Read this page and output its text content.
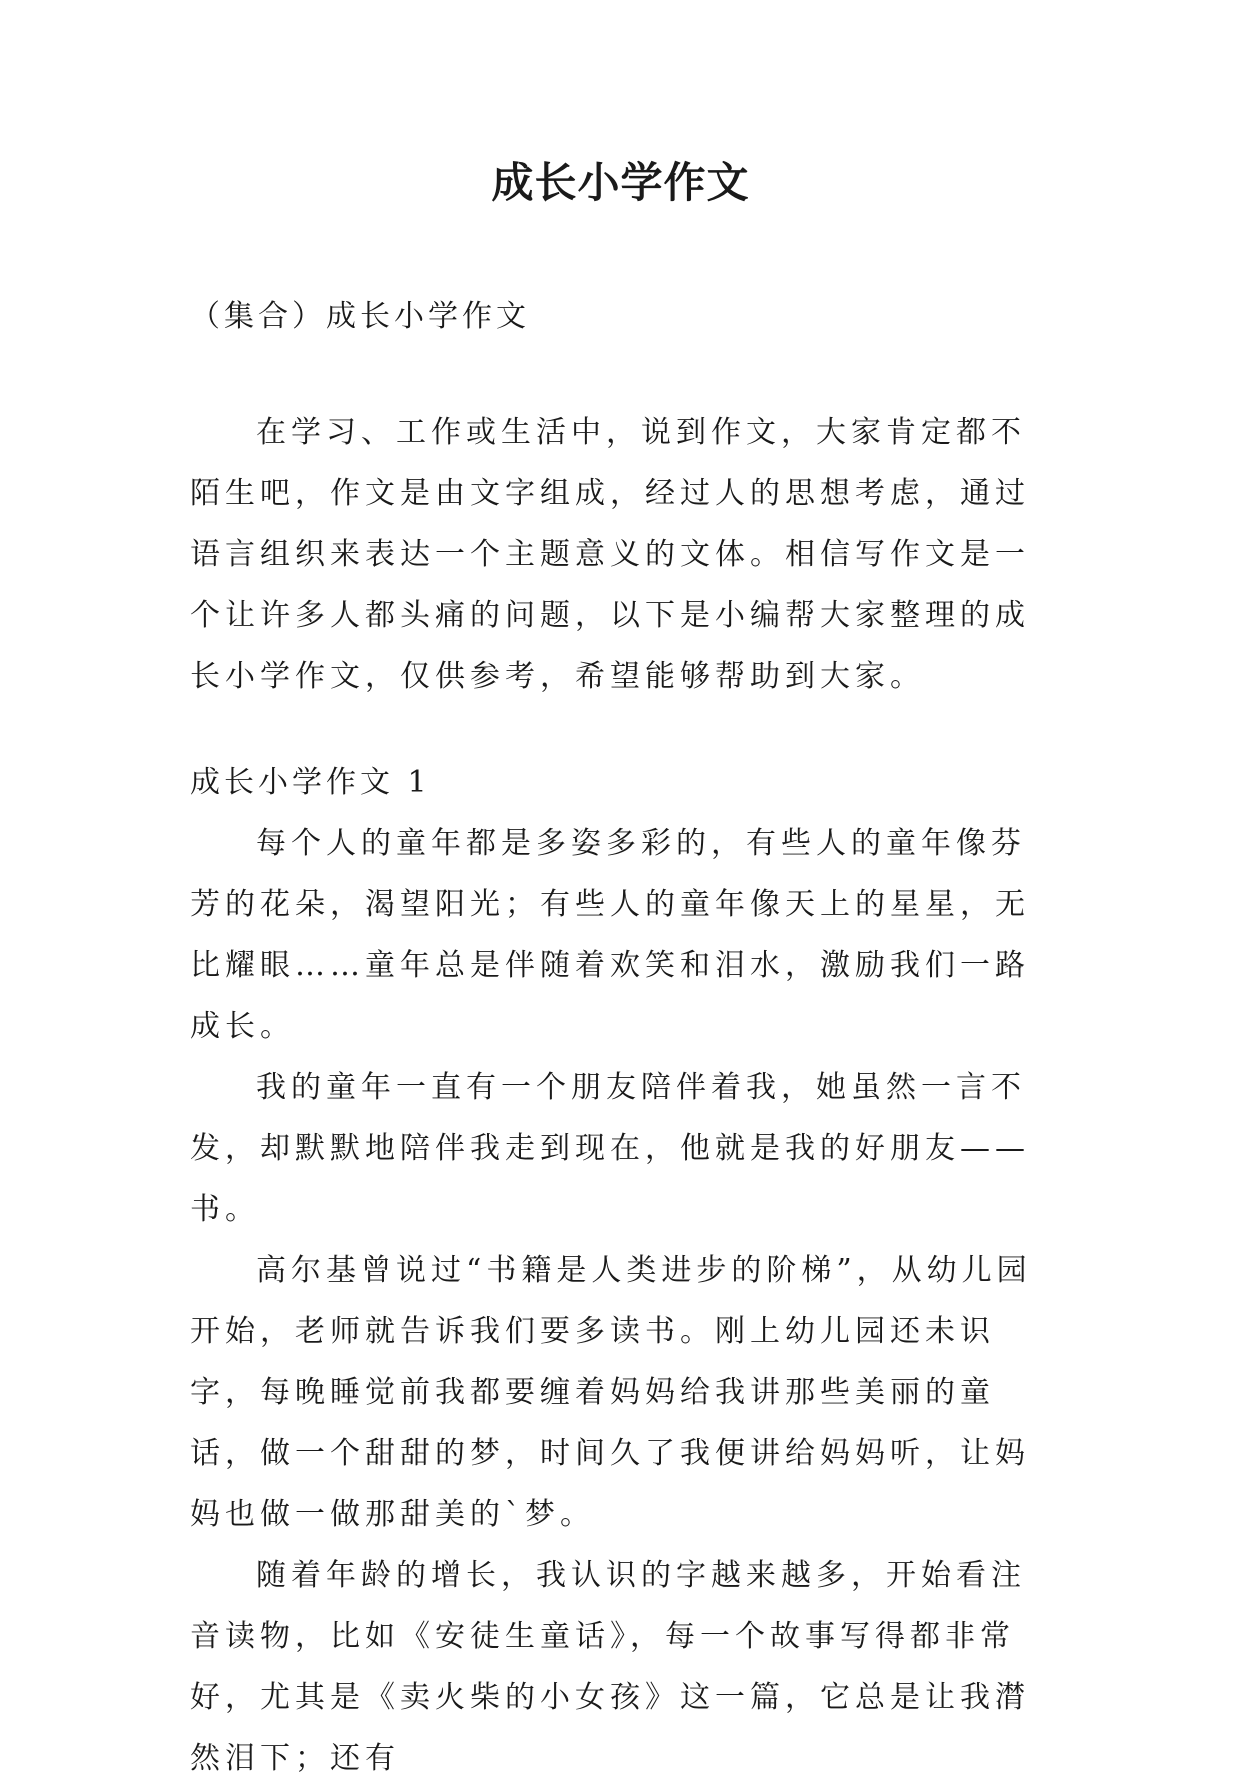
成长小学作文

（集合）成长小学作文

在学习、工作或生活中，说到作文，大家肯定都不陌生吧，作文是由文字组成，经过人的思想考虑，通过语言组织来表达一个主题意义的文体。相信写作文是一个让许多人都头痛的问题，以下是小编帮大家整理的成长小学作文，仅供参考，希望能够帮助到大家。

成长小学作文 1

每个人的童年都是多姿多彩的，有些人的童年像芬芳的花朵，渴望阳光；有些人的童年像天上的星星，无比耀眼……童年总是伴随着欢笑和泪水，激励我们一路成长。

我的童年一直有一个朋友陪伴着我，她虽然一言不发，却默默地陪伴我走到现在，他就是我的好朋友——书。

高尔基曾说过“书籍是人类进步的阶梯”，从幼儿园开始，老师就告诉我们要多读书。刚上幼儿园还未识字，每晚睡觉前我都要缠着妈妈给我讲那些美丽的童话，做一个甜甜的梦，时间久了我便讲给妈妈听，让妈妈也做一做那甜美的`梦。

随着年龄的增长，我认识的字越来越多，开始看注音读物，比如《安徒生童话》，每一个故事写得都非常好，尤其是《卖火柴的小女孩》这一篇，它总是让我潸然泪下；还有
